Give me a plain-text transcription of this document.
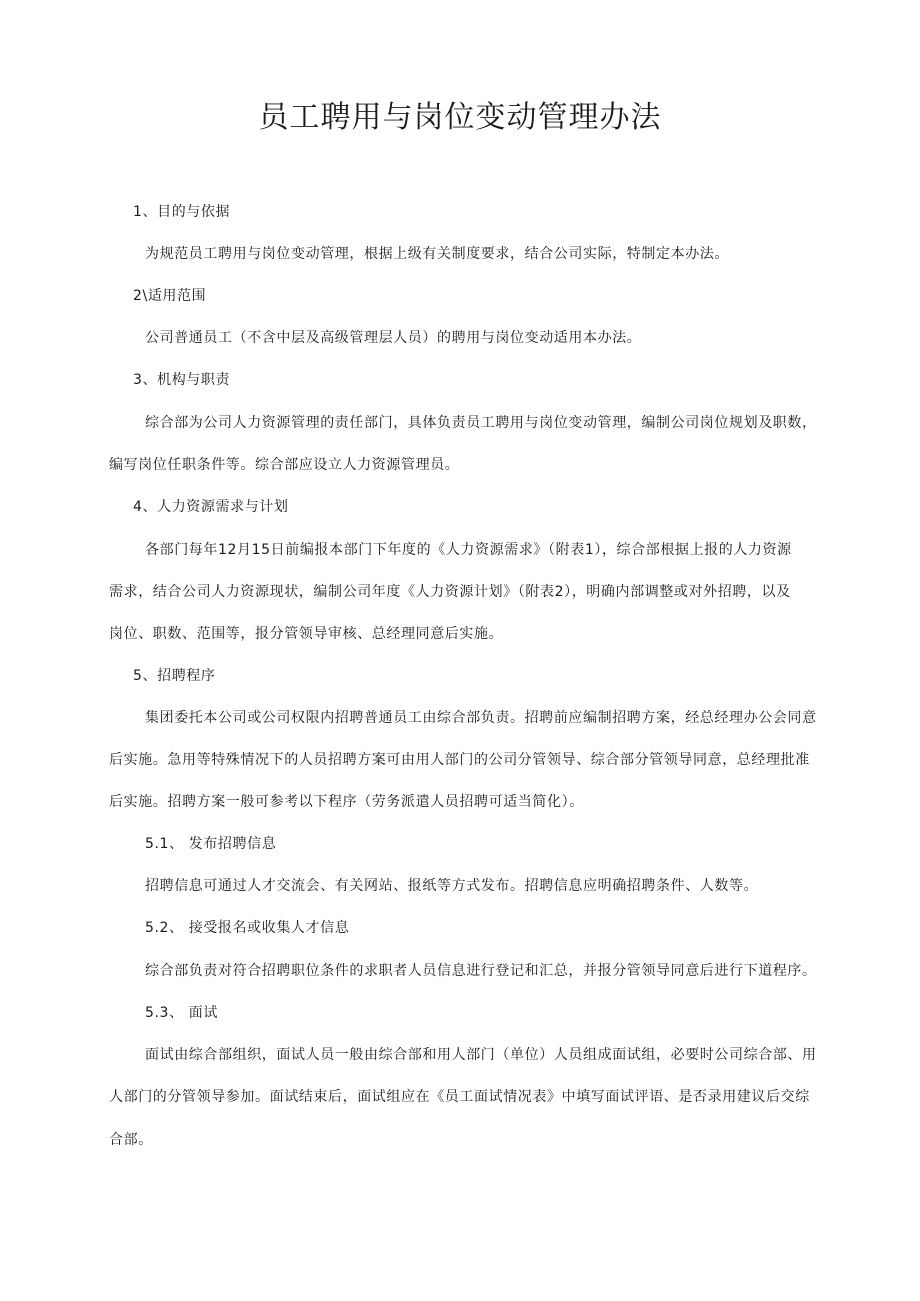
员工聘用与岗位变动管理办法
1、目的与依据
为规范员工聘用与岗位变动管理，根据上级有关制度要求，结合公司实际，特制定本办法。
2\适用范围
公司普通员工（不含中层及高级管理层人员）的聘用与岗位变动适用本办法。
3、机构与职责
综合部为公司人力资源管理的责任部门，具体负责员工聘用与岗位变动管理，编制公司岗位规划及职数，
编写岗位任职条件等。综合部应设立人力资源管理员。
4、人力资源需求与计划
各部门每年12月15日前编报本部门下年度的《人力资源需求》（附表1），综合部根据上报的人力资源
需求，结合公司人力资源现状，编制公司年度《人力资源计划》（附表2），明确内部调整或对外招聘，以及
岗位、职数、范围等，报分管领导审核、总经理同意后实施。
5、招聘程序
集团委托本公司或公司权限内招聘普通员工由综合部负责。招聘前应编制招聘方案，经总经理办公会同意
后实施。急用等特殊情况下的人员招聘方案可由用人部门的公司分管领导、综合部分管领导同意，总经理批准
后实施。招聘方案一般可参考以下程序（劳务派遣人员招聘可适当简化）。
5.1、 发布招聘信息
招聘信息可通过人才交流会、有关网站、报纸等方式发布。招聘信息应明确招聘条件、人数等。
5.2、 接受报名或收集人才信息
综合部负责对符合招聘职位条件的求职者人员信息进行登记和汇总，并报分管领导同意后进行下道程序。
5.3、 面试
面试由综合部组织，面试人员一般由综合部和用人部门（单位）人员组成面试组，必要时公司综合部、用
人部门的分管领导参加。面试结束后，面试组应在《员工面试情况表》中填写面试评语、是否录用建议后交综
合部。
